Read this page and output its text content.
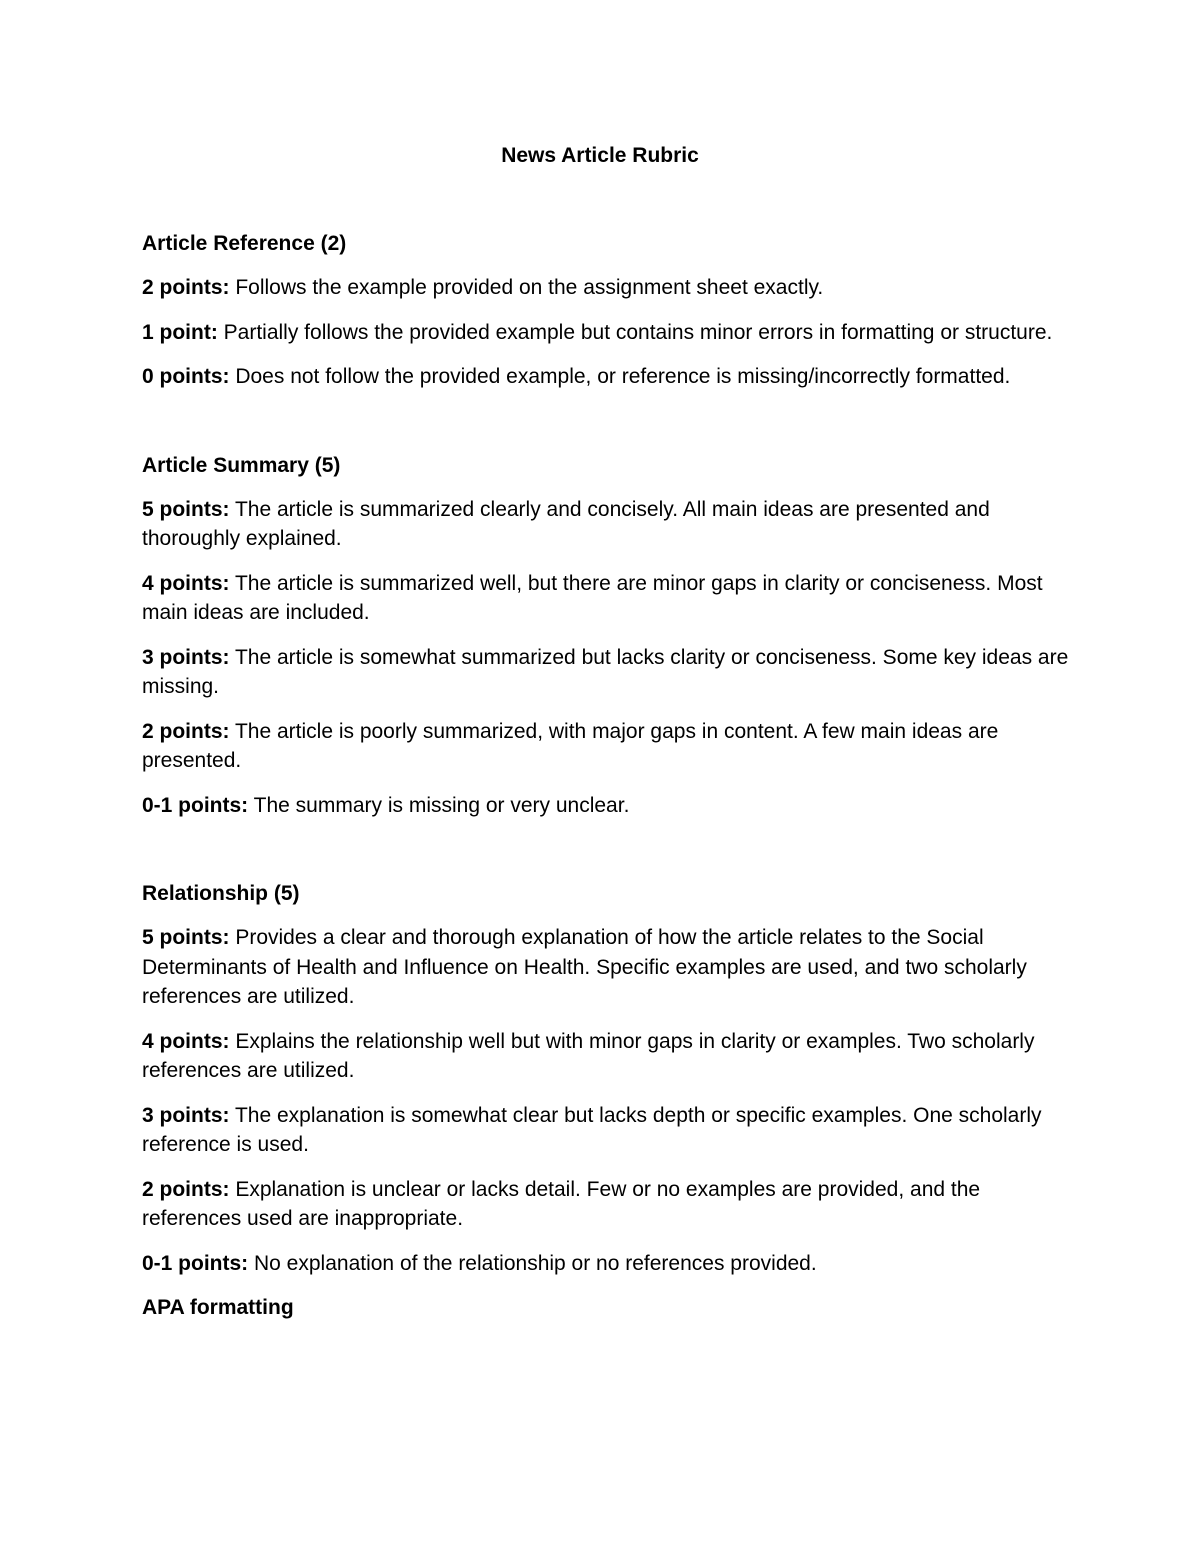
News Article Rubric

Article Reference (2)

2 points: Follows the example provided on the assignment sheet exactly.

1 point: Partially follows the provided example but contains minor errors in formatting or structure.

0 points: Does not follow the provided example, or reference is missing/incorrectly formatted.

Article Summary (5)

5 points: The article is summarized clearly and concisely. All main ideas are presented and thoroughly explained.

4 points: The article is summarized well, but there are minor gaps in clarity or conciseness. Most main ideas are included.

3 points: The article is somewhat summarized but lacks clarity or conciseness. Some key ideas are missing.

2 points: The article is poorly summarized, with major gaps in content. A few main ideas are presented.

0-1 points: The summary is missing or very unclear.

Relationship (5)

5 points: Provides a clear and thorough explanation of how the article relates to the Social Determinants of Health and Influence on Health. Specific examples are used, and two scholarly references are utilized.

4 points: Explains the relationship well but with minor gaps in clarity or examples. Two scholarly references are utilized.

3 points: The explanation is somewhat clear but lacks depth or specific examples. One scholarly reference is used.

2 points: Explanation is unclear or lacks detail. Few or no examples are provided, and the references used are inappropriate.

0-1 points: No explanation of the relationship or no references provided.

APA formatting
